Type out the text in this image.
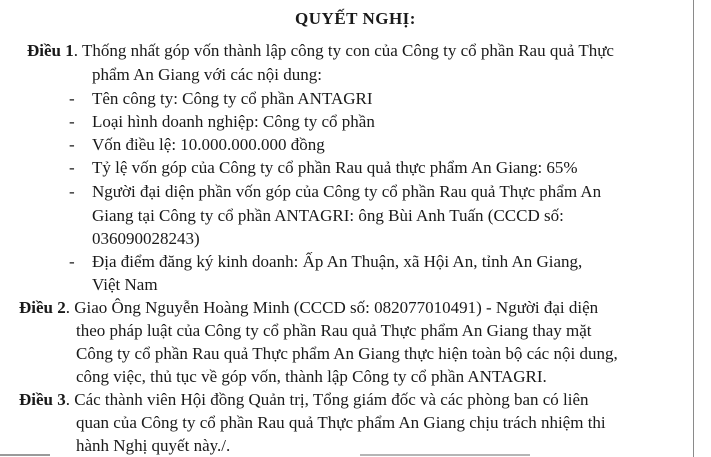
QUYẾT NGHỊ:
Điều 1. Thống nhất góp vốn thành lập công ty con của Công ty cổ phần Rau quả Thực
phẩm An Giang với các nội dung:
- Tên công ty: Công ty cổ phần ANTAGRI
- Loại hình doanh nghiệp: Công ty cổ phần
- Vốn điều lệ: 10.000.000.000 đồng
- Tỷ lệ vốn góp của Công ty cổ phần Rau quả thực phẩm An Giang: 65%
- Người đại diện phần vốn góp của Công ty cổ phần Rau quả Thực phẩm An
Giang tại Công ty cổ phần ANTAGRI: ông Bùi Anh Tuấn (CCCD số:
036090028243)
- Địa điểm đăng ký kinh doanh: Ấp An Thuận, xã Hội An, tỉnh An Giang,
Việt Nam
Điều 2. Giao Ông Nguyễn Hoàng Minh (CCCD số: 082077010491) - Người đại diện
theo pháp luật của Công ty cổ phần Rau quả Thực phẩm An Giang thay mặt
Công ty cổ phần Rau quả Thực phẩm An Giang thực hiện toàn bộ các nội dung,
công việc, thủ tục về góp vốn, thành lập Công ty cổ phần ANTAGRI.
Điều 3. Các thành viên Hội đồng Quản trị, Tổng giám đốc và các phòng ban có liên
quan của Công ty cổ phần Rau quả Thực phẩm An Giang chịu trách nhiệm thi
hành Nghị quyết này./.
